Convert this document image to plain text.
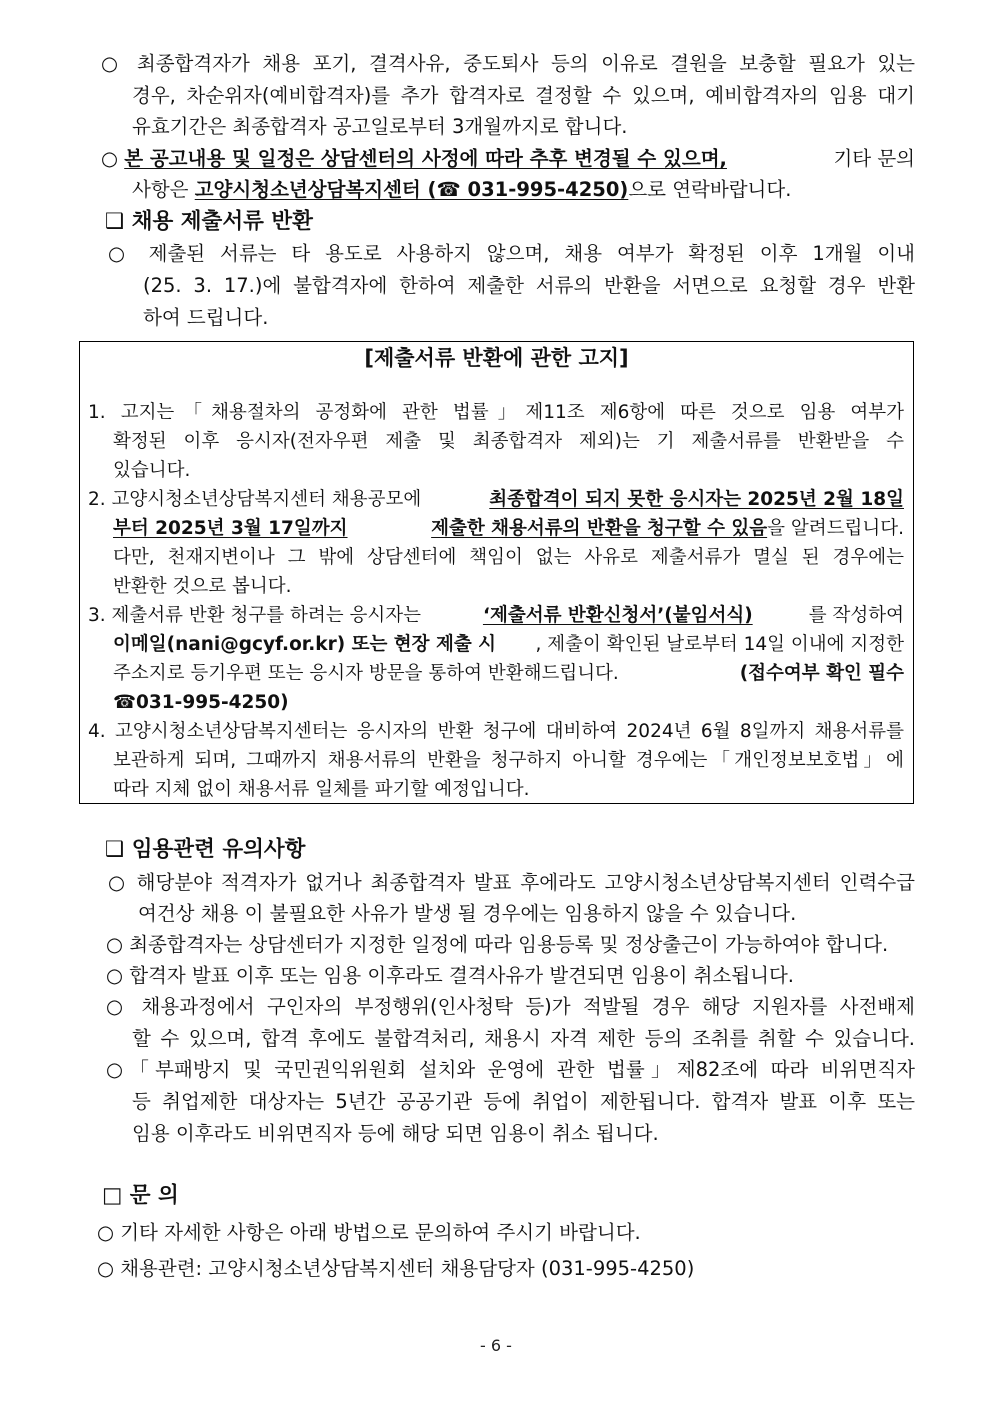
○ 최종합격자가 채용 포기, 결격사유, 중도퇴사 등의 이유로 결원을 보충할 필요가 있는
경우, 차순위자(예비합격자)를 추가 합격자로 결정할 수 있으며, 예비합격자의 임용 대기
유효기간은 최종합격자 공고일로부터 3개월까지로 합니다.
○ 본 공고내용 및 일정은 상담센터의 사정에 따라 추후 변경될 수 있으며,	기타 문의
사항은 고양시청소년상담복지센터 (☎ 031-995-4250)으로 연락바랍니다.
❑ 채용 제출서류 반환
○ 제출된 서류는 타 용도로 사용하지 않으며, 채용 여부가 확정된 이후 1개월 이내
(25. 3. 17.)에 불합격자에 한하여 제출한 서류의 반환을 서면으로 요청할 경우 반환
하여 드립니다.
[제출서류 반환에 관한 고지]
1. 고지는「채용절차의 공정화에 관한 법률」제11조 제6항에 따른 것으로 임용 여부가
확정된 이후 응시자(전자우편 제출 및 최종합격자 제외)는 기 제출서류를 반환받을 수
있습니다.
2. 고양시청소년상담복지센터 채용공모에	최종합격이 되지 못한 응시자는 2025년 2월 18일
부터 2025년 3월 17일까지	제출한 채용서류의 반환을 청구할 수 있음을 알려드립니다.
다만, 천재지변이나 그 밖에 상담센터에 책임이 없는 사유로 제출서류가 멸실 된 경우에는
반환한 것으로 봅니다.
3. 제출서류 반환 청구를 하려는 응시자는	‘제출서류 반환신청서’(붙임서식)	를 작성하여
이메일(nani@gcyf.or.kr) 또는 현장 제출 시 , 제출이 확인된 날로부터 14일 이내에 지정한
주소지로 등기우편 또는 응시자 방문을 통하여 반환해드립니다.	(접수여부 확인 필수
☎031-995-4250)
4. 고양시청소년상담복지센터는 응시자의 반환 청구에 대비하여 2024년 6월 8일까지 채용서류를
보관하게 되며, 그때까지 채용서류의 반환을 청구하지 아니할 경우에는「개인정보보호법」에
따라 지체 없이 채용서류 일체를 파기할 예정입니다.
❑ 임용관련 유의사항
○ 해당분야 적격자가 없거나 최종합격자 발표 후에라도 고양시청소년상담복지센터 인력수급
여건상 채용 이 불필요한 사유가 발생 될 경우에는 임용하지 않을 수 있습니다.
○ 최종합격자는 상담센터가 지정한 일정에 따라 임용등록 및 정상출근이 가능하여야 합니다.
○ 합격자 발표 이후 또는 임용 이후라도 결격사유가 발견되면 임용이 취소됩니다.
○ 채용과정에서 구인자의 부정행위(인사청탁 등)가 적발될 경우 해당 지원자를 사전배제
할 수 있으며, 합격 후에도 불합격처리, 채용시 자격 제한 등의 조취를 취할 수 있습니다.
○「부패방지 및 국민권익위원회 설치와 운영에 관한 법률」제82조에 따라 비위면직자
등 취업제한 대상자는 5년간 공공기관 등에 취업이 제한됩니다. 합격자 발표 이후 또는
임용 이후라도 비위면직자 등에 해당 되면 임용이 취소 됩니다.
□ 문 의
○ 기타 자세한 사항은 아래 방법으로 문의하여 주시기 바랍니다.
○ 채용관련: 고양시청소년상담복지센터 채용담당자 (031-995-4250)
- 6 -
